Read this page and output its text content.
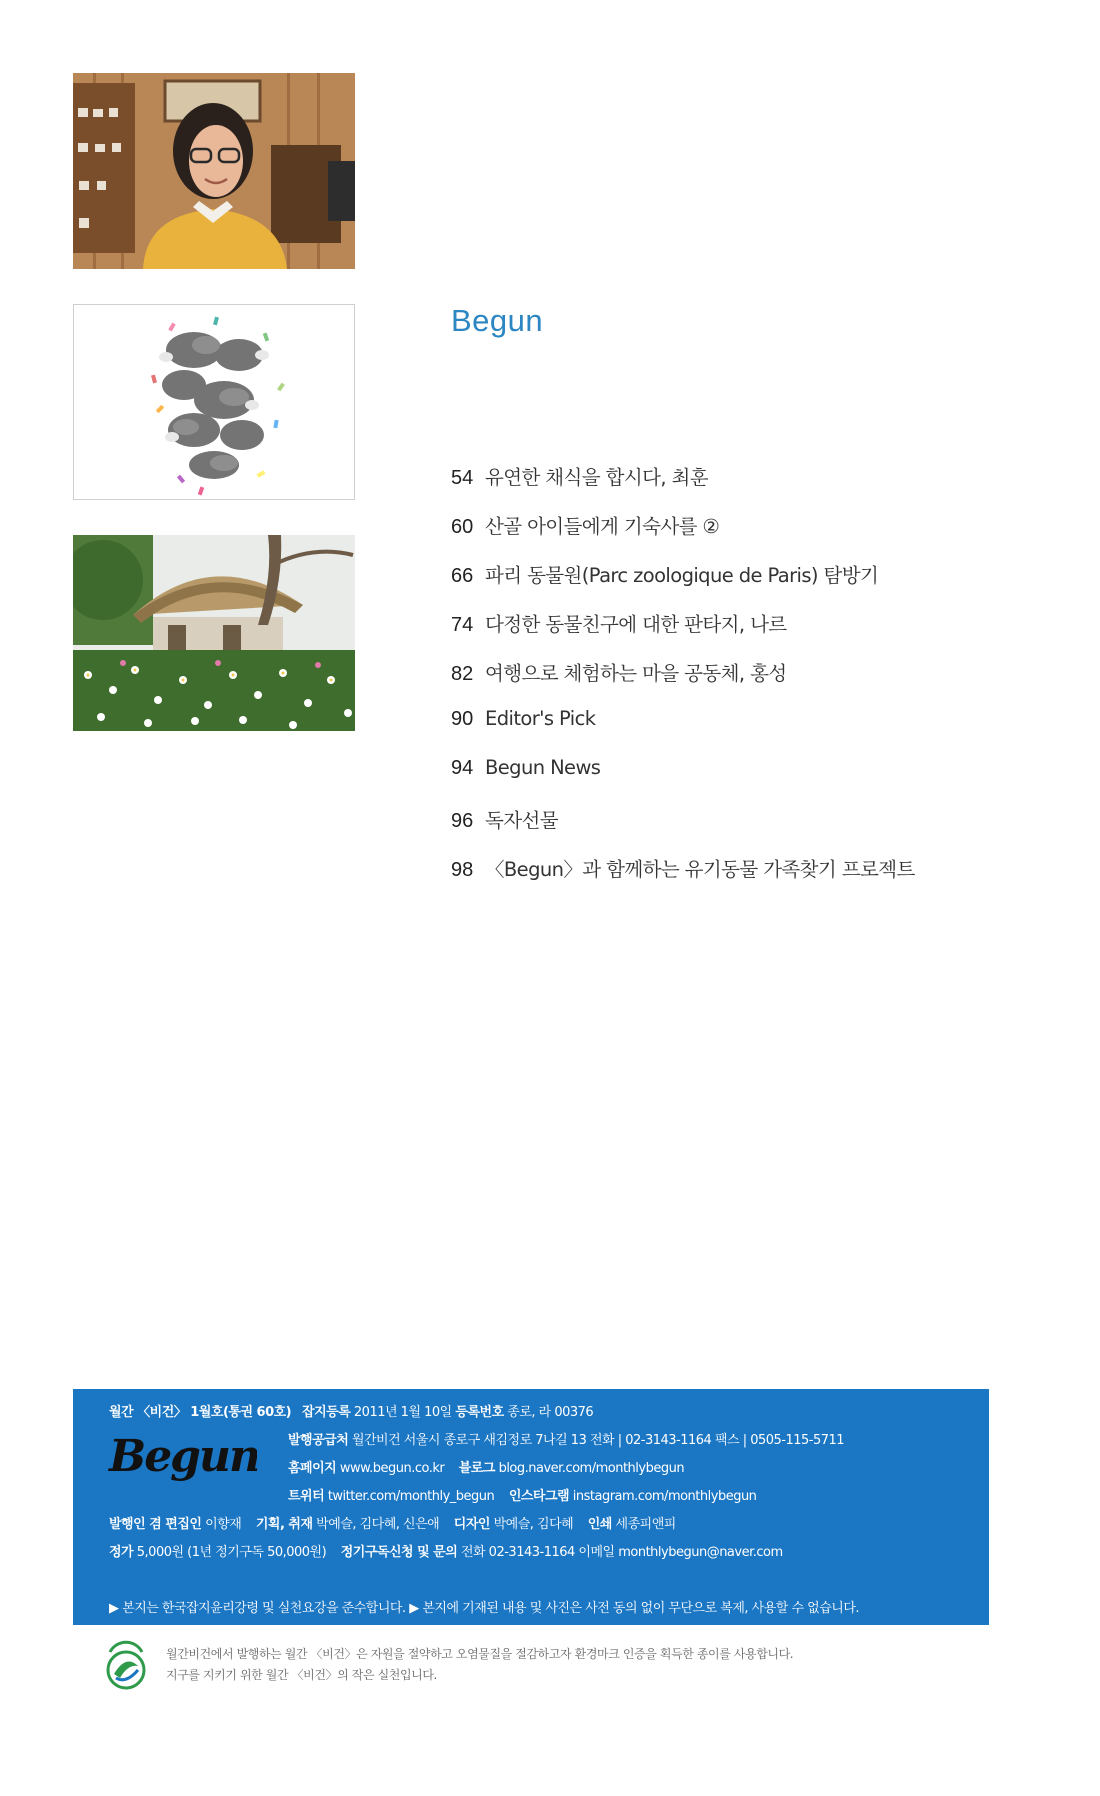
Begun
54 유연한 채식을 합시다, 최훈
60 산골 아이들에게 기숙사를 ②
66 파리 동물원(Parc zoologique de Paris) 탐방기
74 다정한 동물친구에 대한 판타지, 나르
82 여행으로 체험하는 마을 공동체, 홍성
90 Editor's Pick
94 Begun News
96 독자선물
98 〈Begun〉과 함께하는 유기동물 가족찾기 프로젝트
월간 〈비건〉 1월호(통권 60호) 잡지등록 2011년 1월 10일 등록번호 종로, 라 00376
Begun 발행공급처 월간비건 서울시 종로구 새김정로 7나길 13 전화 | 02-3143-1164 팩스 | 0505-115-5711
홈페이지 www.begun.co.kr 블로그 blog.naver.com/monthlybegun
트위터 twitter.com/monthly_begun 인스타그램 instagram.com/monthlybegun
발행인 겸 편집인 이향재 기획, 취재 박예슬, 김다혜, 신은애 디자인 박예슬, 김다혜 인쇄 세종피앤피
정가 5,000원 (1년 정기구독 50,000원) 정기구독신청 및 문의 전화 02-3143-1164 이메일 monthlybegun@naver.com
▶ 본지는 한국잡지윤리강령 및 실천요강을 준수합니다. ▶ 본지에 기재된 내용 및 사진은 사전 동의 없이 무단으로 복제, 사용할 수 없습니다.
월간비건에서 발행하는 월간 〈비건〉은 자원을 절약하고 오염물질을 절감하고자 환경마크 인증을 획득한 종이를 사용합니다.
지구를 지키기 위한 월간 〈비건〉의 작은 실천입니다.
